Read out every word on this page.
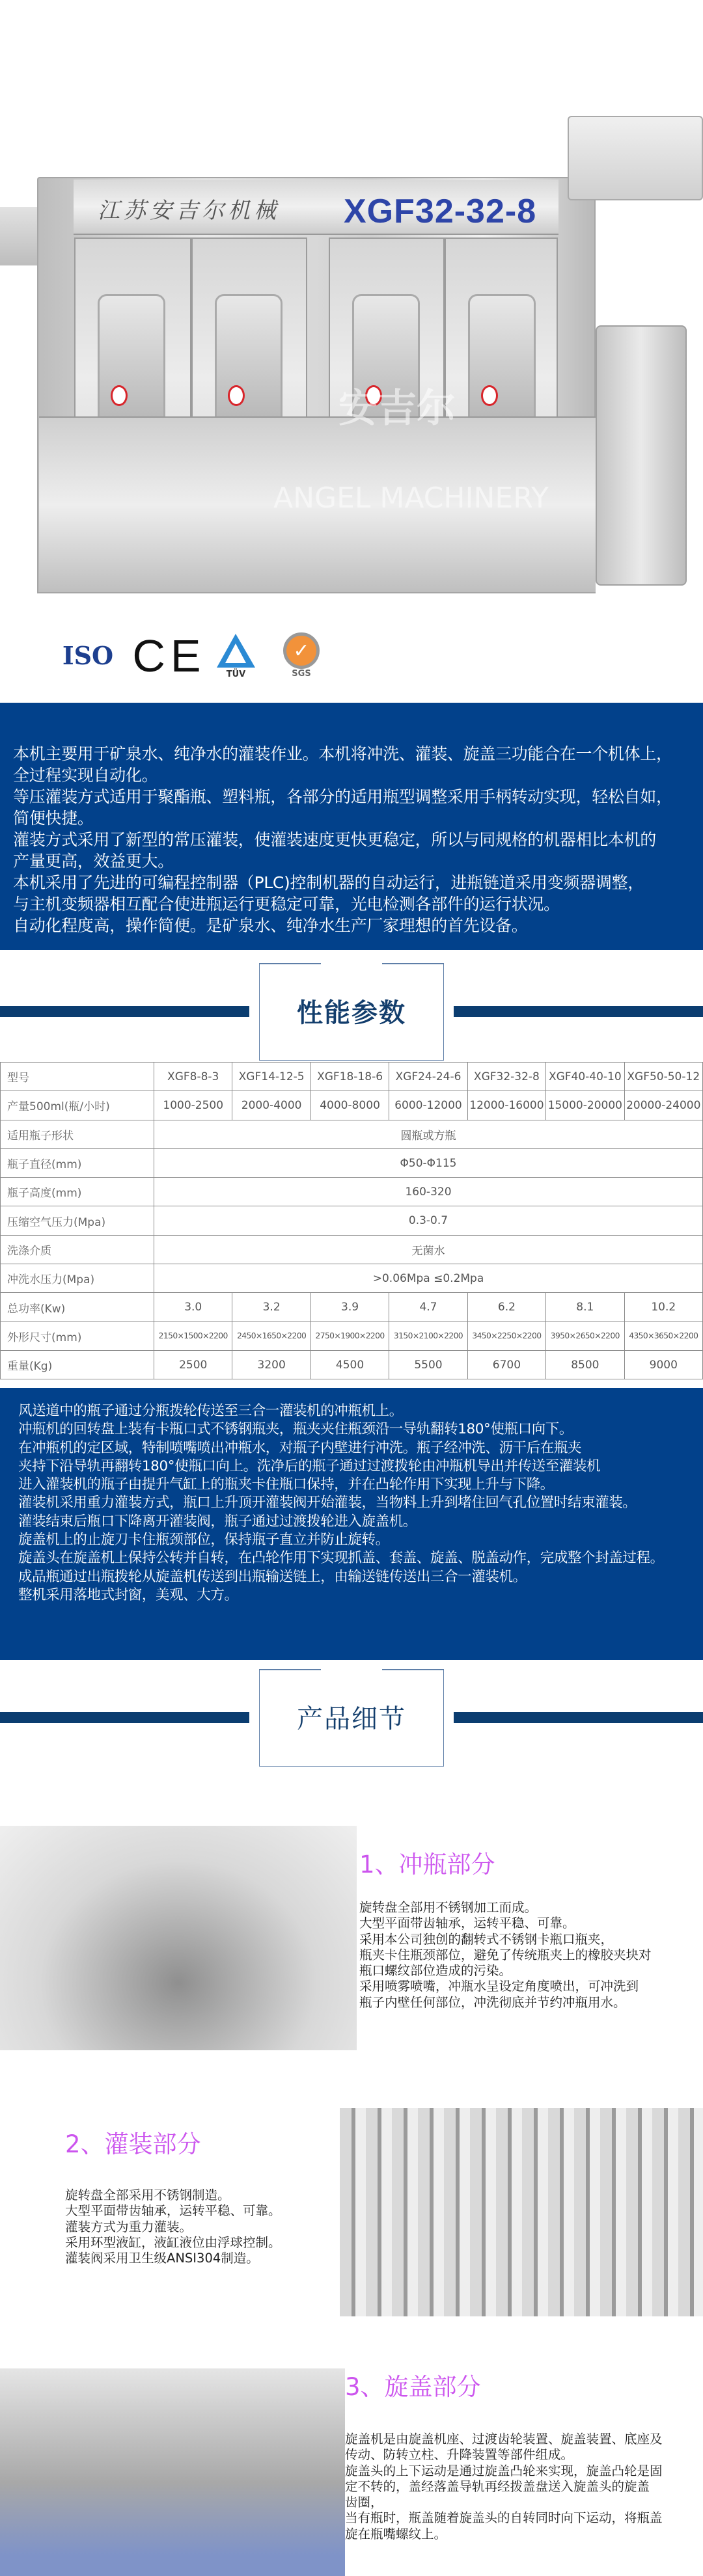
江苏安吉尔机械 XGF32-32-8
安吉尔
ANGEL MACHINERY
ISO CE TÜV
✓
SGS
本机主要用于矿泉水、纯净水的灌装作业。本机将冲洗、灌装、旋盖三功能合在一个机体上，
全过程实现自动化。
等压灌装方式适用于聚酯瓶、塑料瓶，各部分的适用瓶型调整采用手柄转动实现，轻松自如，
简便快捷。
灌装方式采用了新型的常压灌装，使灌装速度更快更稳定，所以与同规格的机器相比本机的
产量更高，效益更大。
本机采用了先进的可编程控制器（PLC)控制机器的自动运行，进瓶链道采用变频器调整，
与主机变频器相互配合使进瓶运行更稳定可靠，光电检测各部件的运行状况。
自动化程度高，操作简便。是矿泉水、纯净水生产厂家理想的首先设备。
性能参数
型号	XGF8-8-3	XGF14-12-5	XGF18-18-6	XGF24-24-6	XGF32-32-8	XGF40-40-10	XGF50-50-12
产量500ml(瓶/小时)	1000-2500	2000-4000	4000-8000	6000-12000	12000-16000	15000-20000	20000-24000
适用瓶子形状	圆瓶或方瓶						
瓶子直径(mm)	Φ50-Φ115						
瓶子高度(mm)	160-320						
压缩空气压力(Mpa)	0.3-0.7						
洗涤介质	无菌水						
冲洗水压力(Mpa)	>0.06Mpa ≤0.2Mpa						
总功率(Kw)	3.0	3.2	3.9	4.7	6.2	8.1	10.2
外形尺寸(mm)	2150×1500×2200	2450×1650×2200	2750×1900×2200	3150×2100×2200	3450×2250×2200	3950×2650×2200	4350×3650×2200
重量(Kg)	2500	3200	4500	5500	6700	8500	9000
风送道中的瓶子通过分瓶拨轮传送至三合一灌装机的冲瓶机上。
冲瓶机的回转盘上装有卡瓶口式不锈钢瓶夹，瓶夹夹住瓶颈沿一导轨翻转180°使瓶口向下。
在冲瓶机的定区域，特制喷嘴喷出冲瓶水，对瓶子内壁进行冲洗。瓶子经冲洗、沥干后在瓶夹
夹持下沿导轨再翻转180°使瓶口向上。洗净后的瓶子通过过渡拨轮由冲瓶机导出并传送至灌装机
进入灌装机的瓶子由提升气缸上的瓶夹卡住瓶口保持，并在凸轮作用下实现上升与下降。
灌装机采用重力灌装方式，瓶口上升顶开灌装阀开始灌装，当物料上升到堵住回气孔位置时结束灌装。
灌装结束后瓶口下降离开灌装阀，瓶子通过过渡拨轮进入旋盖机。
旋盖机上的止旋刀卡住瓶颈部位，保持瓶子直立并防止旋转。
旋盖头在旋盖机上保持公转并自转，在凸轮作用下实现抓盖、套盖、旋盖、脱盖动作，完成整个封盖过程。
成品瓶通过出瓶拨轮从旋盖机传送到出瓶输送链上，由输送链传送出三合一灌装机。
整机采用落地式封窗，美观、大方。
产品细节
1、冲瓶部分
旋转盘全部用不锈钢加工而成。
大型平面带齿轴承，运转平稳、可靠。
采用本公司独创的翻转式不锈钢卡瓶口瓶夹，
瓶夹卡住瓶颈部位，避免了传统瓶夹上的橡胶夹块对
瓶口螺纹部位造成的污染。
采用喷雾喷嘴，冲瓶水呈设定角度喷出，可冲洗到
瓶子内壁任何部位，冲洗彻底并节约冲瓶用水。
2、灌装部分
旋转盘全部采用不锈钢制造。
大型平面带齿轴承，运转平稳、可靠。
灌装方式为重力灌装。
采用环型液缸，液缸液位由浮球控制。
灌装阀采用卫生级ANSI304制造。
3、旋盖部分
旋盖机是由旋盖机座、过渡齿轮装置、旋盖装置、底座及
传动、防转立柱、升降装置等部件组成。
旋盖头的上下运动是通过旋盖凸轮来实现，旋盖凸轮是固
定不转的，盖经落盖导轨再经拨盖盘送入旋盖头的旋盖
齿圈，
当有瓶时，瓶盖随着旋盖头的自转同时向下运动，将瓶盖
旋在瓶嘴螺纹上。
